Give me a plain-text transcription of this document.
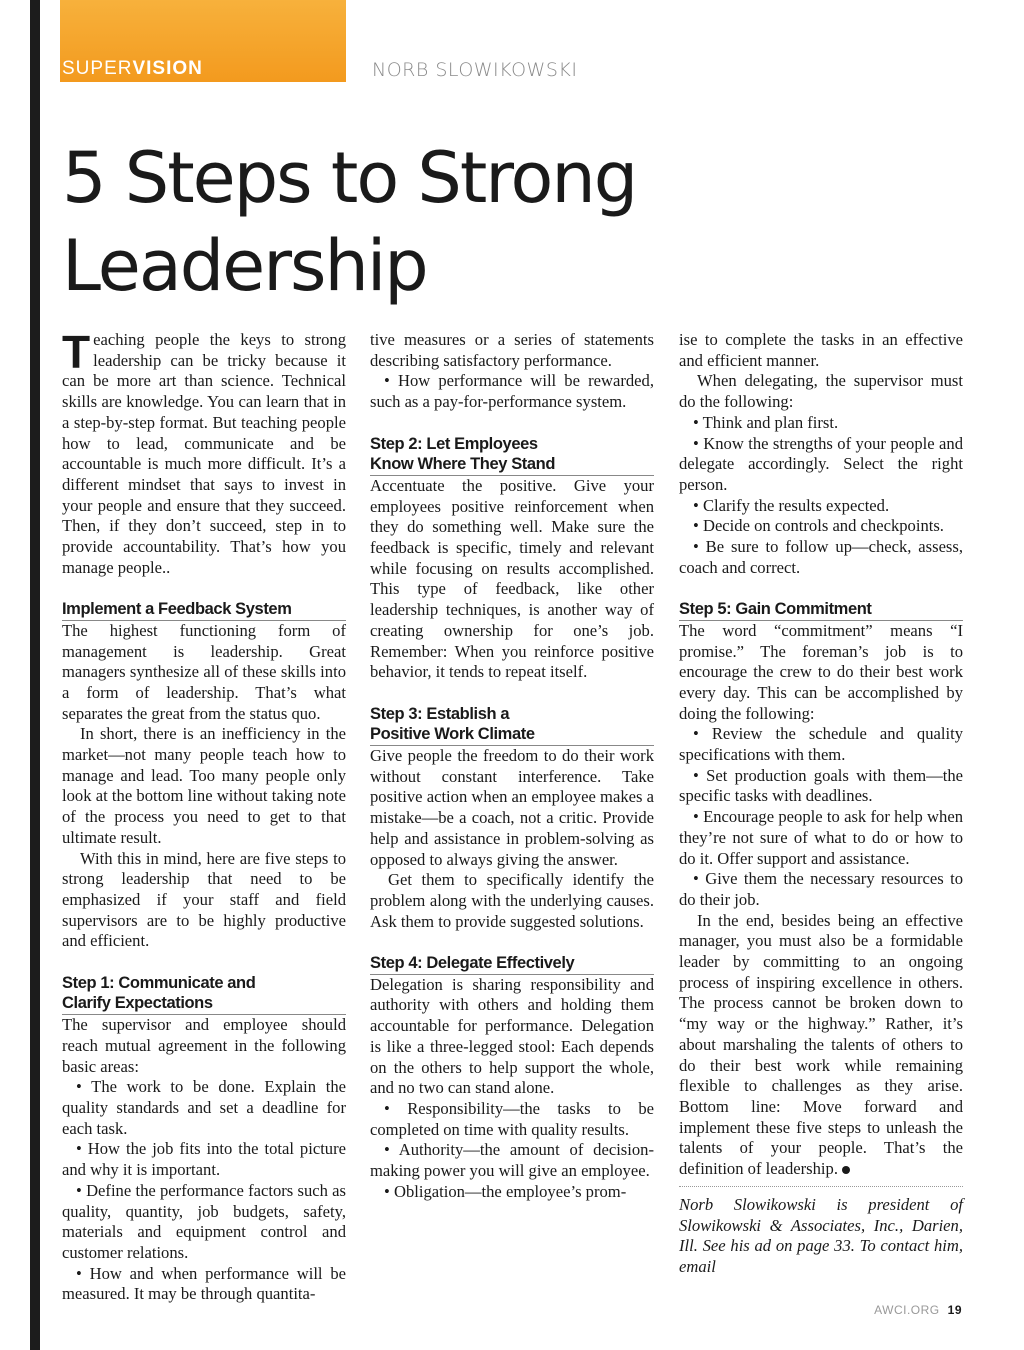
SUPERVISION	NORB SLOWIKOWSKI
5 Steps to Strong
Leadership

Teaching people the keys to strong leadership can be tricky because it can be more art than science. Technical skills are knowledge. You can learn that in a step-by-step format. But teaching people how to lead, communicate and be accountable is much more difficult. It’s a different mindset that says to invest in your people and ensure that they succeed. Then, if they don’t succeed, step in to provide accountability. That’s how you manage people..

Implement a Feedback System

The highest functioning form of management is leadership. Great managers synthesize all of these skills into a form of leadership. That’s what separates the great from the status quo.

In short, there is an inefficiency in the market—not many people teach how to manage and lead. Too many people only look at the bottom line without taking note of the process you need to get to that ultimate result.

With this in mind, here are five steps to strong leadership that need to be emphasized if your staff and field supervisors are to be highly productive and efficient.

Step 1: Communicate and
Clarify Expectations

The supervisor and employee should reach mutual agreement in the following basic areas:

• The work to be done. Explain the quality standards and set a deadline for each task.

• How the job fits into the total picture and why it is important.

• Define the performance factors such as quality, quantity, job budgets, safety, materials and equipment control and customer relations.

• How and when performance will be measured. It may be through quantita-

tive measures or a series of statements describing satisfactory performance.

• How performance will be rewarded, such as a pay-for-performance system.

Step 2: Let Employees
Know Where They Stand

Accentuate the positive. Give your employees positive reinforcement when they do something well. Make sure the feedback is specific, timely and relevant while focusing on results accomplished. This type of feedback, like other leadership techniques, is another way of creating ownership for one’s job. Remember: When you reinforce positive behavior, it tends to repeat itself.

Step 3: Establish a
Positive Work Climate

Give people the freedom to do their work without constant interference. Take positive action when an employee makes a mistake—be a coach, not a critic. Provide help and assistance in problem-solving as opposed to always giving the answer.

Get them to specifically identify the problem along with the underlying causes. Ask them to provide suggested solutions.

Step 4: Delegate Effectively

Delegation is sharing responsibility and authority with others and holding them accountable for performance. Delegation is like a three-legged stool: Each depends on the others to help support the whole, and no two can stand alone.

• Responsibility—the tasks to be completed on time with quality results.

• Authority—the amount of decision-making power you will give an employee.

• Obligation—the employee’s prom-

ise to complete the tasks in an effective and efficient manner.

When delegating, the supervisor must do the following:

• Think and plan first.

• Know the strengths of your people and delegate accordingly. Select the right person.

• Clarify the results expected.

• Decide on controls and checkpoints.

• Be sure to follow up—check, assess, coach and correct.

Step 5: Gain Commitment

The word “commitment” means “I promise.” The foreman’s job is to encourage the crew to do their best work every day. This can be accomplished by doing the following:

• Review the schedule and quality specifications with them.

• Set production goals with them—the specific tasks with deadlines.

• Encourage people to ask for help when they’re not sure of what to do or how to do it. Offer support and assistance.

• Give them the necessary resources to do their job.

In the end, besides being an effective manager, you must also be a formidable leader by committing to an ongoing process of inspiring excellence in others. The process cannot be broken down to “my way or the highway.” Rather, it’s about marshaling the talents of others to do their best work while remaining flexible to challenges as they arise. Bottom line: Move forward and implement these five steps to unleash the talents of your people. That’s the definition of leadership.

Norb Slowikowski is president of Slowikowski & Associates, Inc., Darien, Ill. See his ad on page 33. To contact him, email

AWCI.ORG 19
